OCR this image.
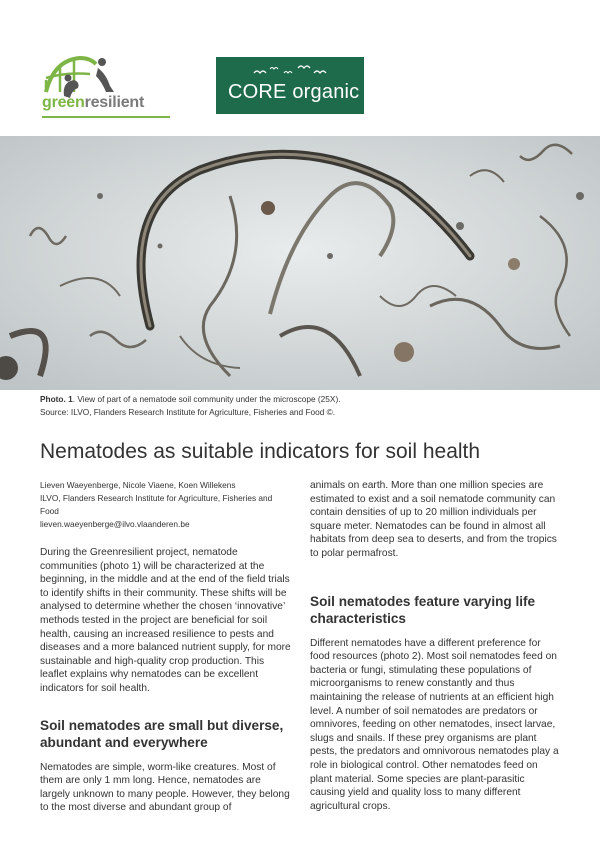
greenresilient	CORE organic
Photo. 1. View of part of a nematode soil community under the microscope (25X).
Source: ILVO, Flanders Research Institute for Agriculture, Fisheries and Food ©.
Nematodes as suitable indicators for soil health
Lieven Waeyenberge, Nicole Viaene, Koen Willekens
ILVO, Flanders Research Institute for Agriculture, Fisheries and Food
lieven.waeyenberge@ilvo.vlaanderen.be

During the Greenresilient project, nematode communities (photo 1) will be characterized at the beginning, in the middle and at the end of the field trials to identify shifts in their community. These shifts will be analysed to determine whether the chosen ‘innovative’ methods tested in the project are beneficial for soil health, causing an increased resilience to pests and diseases and a more balanced nutrient supply, for more sustainable and high-quality crop production. This leaflet explains why nematodes can be excellent indicators for soil health.

Soil nematodes are small but diverse, abundant and everywhere

Nematodes are simple, worm-like creatures. Most of them are only 1 mm long. Hence, nematodes are largely unknown to many people. However, they belong to the most diverse and abundant group of

animals on earth. More than one million species are estimated to exist and a soil nematode community can contain densities of up to 20 million individuals per square meter. Nematodes can be found in almost all habitats from deep sea to deserts, and from the tropics to polar permafrost.

Soil nematodes feature varying life characteristics

Different nematodes have a different preference for food resources (photo 2). Most soil nematodes feed on bacteria or fungi, stimulating these populations of microorganisms to renew constantly and thus maintaining the release of nutrients at an efficient high level. A number of soil nematodes are predators or omnivores, feeding on other nematodes, insect larvae, slugs and snails. If these prey organisms are plant pests, the predators and omnivorous nematodes play a role in biological control. Other nematodes feed on plant material. Some species are plant-parasitic causing yield and quality loss to many different agricultural crops.
